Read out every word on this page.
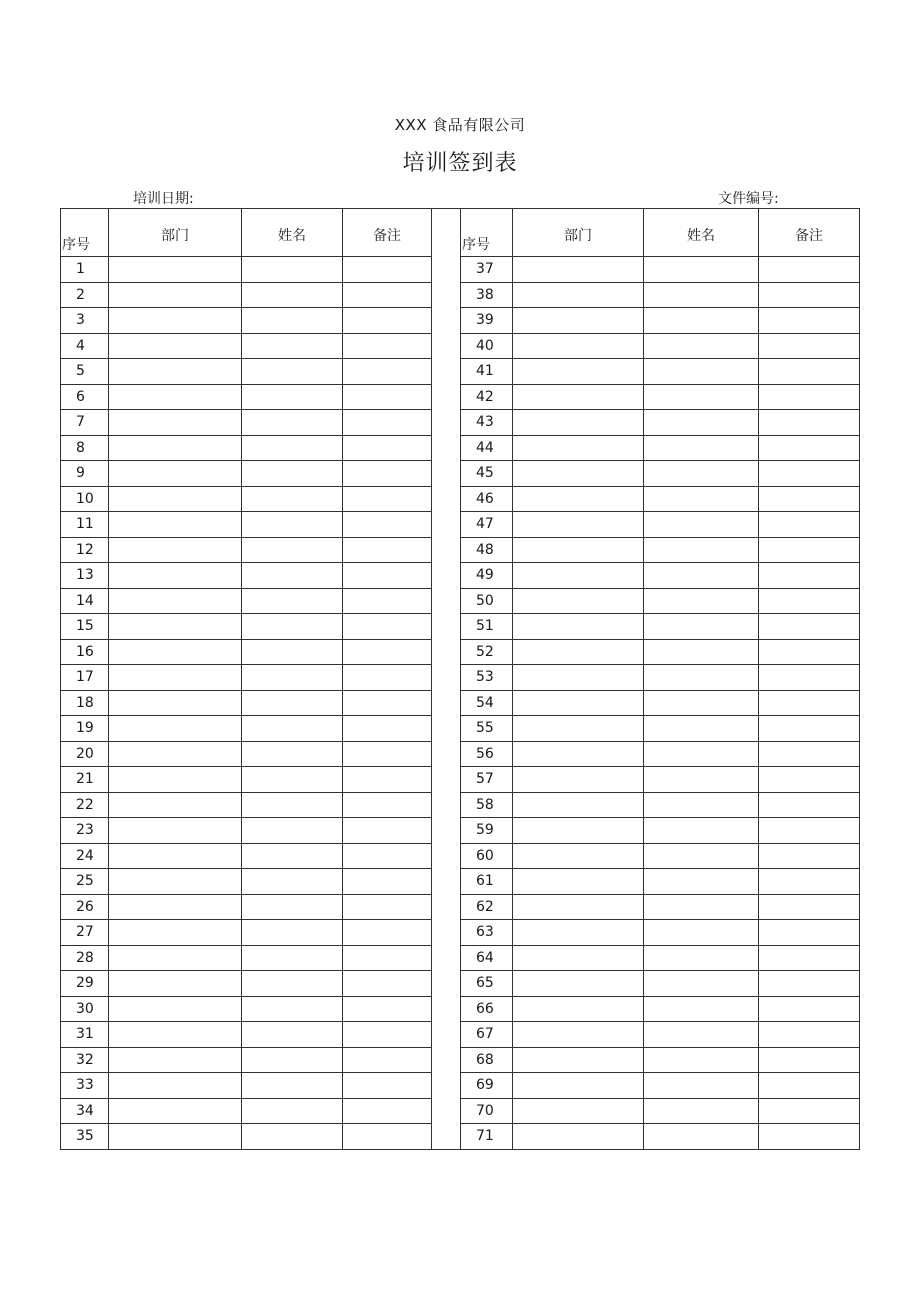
XXX 食品有限公司
培训签到表
培训日期:	文件编号:
序号	部门	姓名	备注		序号	部门	姓名	备注
1					37			
2					38			
3					39			
4					40			
5					41			
6					42			
7					43			
8					44			
9					45			
10					46			
11					47			
12					48			
13					49			
14					50			
15					51			
16					52			
17					53			
18					54			
19					55			
20					56			
21					57			
22					58			
23					59			
24					60			
25					61			
26					62			
27					63			
28					64			
29					65			
30					66			
31					67			
32					68			
33					69			
34					70			
35					71			
